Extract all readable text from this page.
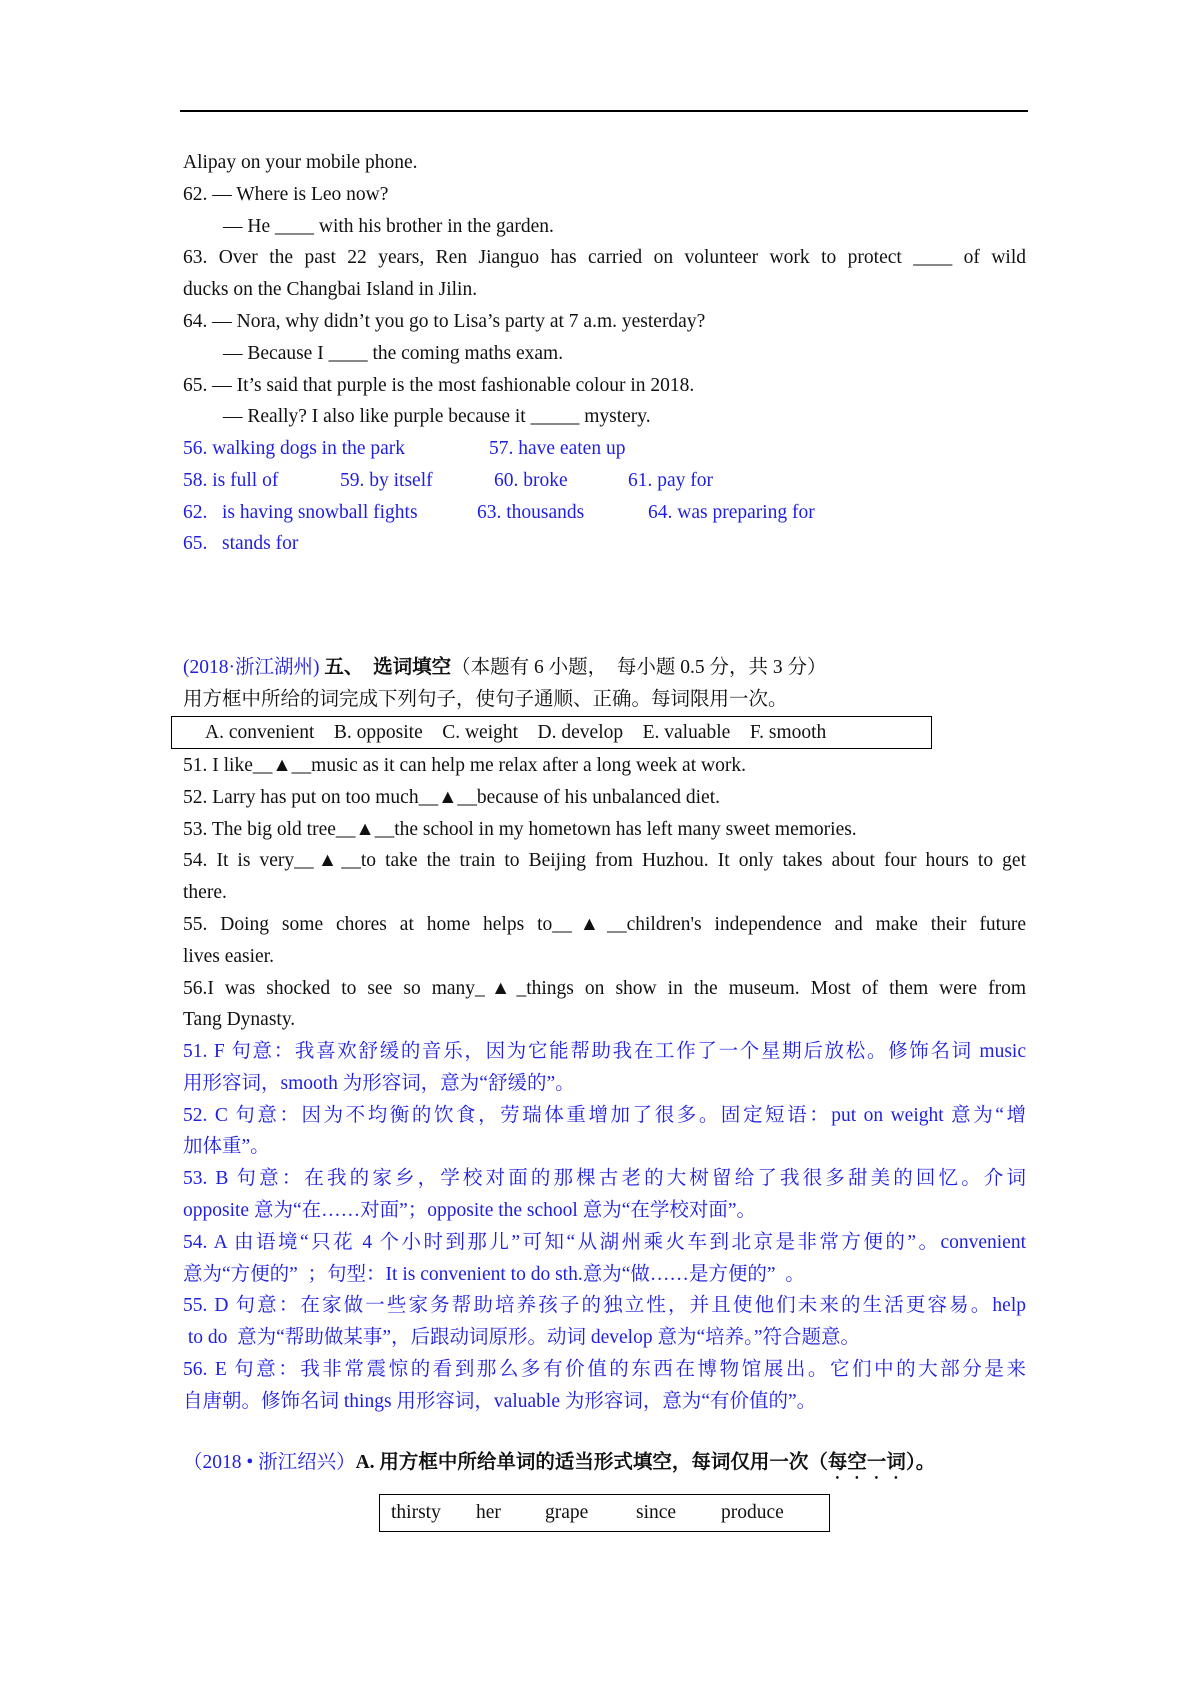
Alipay on your mobile phone.
62. — Where is Leo now?
— He ____ with his brother in the garden.
63. Over the past 22 years, Ren Jianguo has carried on volunteer work to protect ____ of wild
ducks on the Changbai Island in Jilin.
64. — Nora, why didn’t you go to Lisa’s party at 7 a.m. yesterday?
— Because I ____ the coming maths exam.
65. — It’s said that purple is the most fashionable colour in 2018.
— Really? I also like purple because it _____ mystery.
56. walking dogs in the park	57. have eaten up
58. is full of	59. by itself	60. broke	61. pay for
62.   is having snowball fights	63. thousands	64. was preparing for
65.   stands for
(2018·浙江湖州) 五、  选词填空（本题有 6 小题，  每小题 0.5 分，共 3 分）
用方框中所给的词完成下列句子，使句子通顺、正确。每词限用一次。
A. convenient    B. opposite    C. weight    D. develop    E. valuable    F. smooth
51. I like__▲__music as it can help me relax after a long week at work.
52. Larry has put on too much__▲__because of his unbalanced diet.
53. The big old tree__▲__the school in my hometown has left many sweet memories.
54. It is very__▲__to take the train to Beijing from Huzhou. It only takes about four hours to get
there.
55. Doing some chores at home helps to__▲__children's independence and make their future
lives easier.
56.I was shocked to see so many_▲_things on show in the museum. Most of them were from
Tang Dynasty.
51. F 句意：我喜欢舒缓的音乐，因为它能帮助我在工作了一个星期后放松。修饰名词 music
用形容词，smooth 为形容词，意为“舒缓的”。
52. C 句意：因为不均衡的饮食，劳瑞体重增加了很多。固定短语：put on weight 意为“增
加体重”。
53. B 句意：在我的家乡，学校对面的那棵古老的大树留给了我很多甜美的回忆。介词
opposite 意为“在……对面”；opposite the school 意为“在学校对面”。
54. A 由语境“只花 4 个小时到那儿”可知“从湖州乘火车到北京是非常方便的”。convenient
意为“方便的”  ；句型：It is convenient to do sth.意为“做……是方便的”  。
55. D 句意：在家做一些家务帮助培养孩子的独立性，并且使他们未来的生活更容易。help
to do  意为“帮助做某事”，后跟动词原形。动词 develop 意为“培养。”符合题意。
56. E 句意：我非常震惊的看到那么多有价值的东西在博物馆展出。它们中的大部分是来
自唐朝。修饰名词 things 用形容词，valuable 为形容词，意为“有价值的”。
（2018 • 浙江绍兴）A. 用方框中所给单词的适当形式填空，每词仅用一次（每空一词）。
thirsty her grape since produce
